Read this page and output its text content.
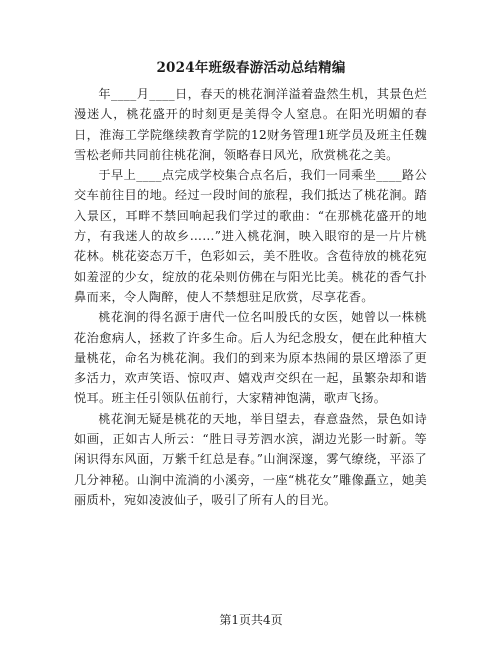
2024年班级春游活动总结精编

年____月____日，春天的桃花涧洋溢着盎然生机，其景色烂漫迷人，桃花盛开的时刻更是美得令人窒息。在阳光明媚的春日，淮海工学院继续教育学院的12财务管理1班学员及班主任魏雪松老师共同前往桃花涧，领略春日风光，欣赏桃花之美。

于早上____点完成学校集合点名后，我们一同乘坐____路公交车前往目的地。经过一段时间的旅程，我们抵达了桃花涧。踏入景区，耳畔不禁回响起我们学过的歌曲：“在那桃花盛开的地方，有我迷人的故乡……”进入桃花涧，映入眼帘的是一片片桃花林。桃花姿态万千，色彩如云，美不胜收。含苞待放的桃花宛如羞涩的少女，绽放的花朵则仿佛在与阳光比美。桃花的香气扑鼻而来，令人陶醉，使人不禁想驻足欣赏，尽享花香。

桃花涧的得名源于唐代一位名叫殷氏的女医，她曾以一株桃花治愈病人，拯救了许多生命。后人为纪念殷女，便在此种植大量桃花，命名为桃花涧。我们的到来为原本热闹的景区增添了更多活力，欢声笑语、惊叹声、嬉戏声交织在一起，虽繁杂却和谐悦耳。班主任引领队伍前行，大家精神饱满，歌声飞扬。

桃花涧无疑是桃花的天地，举目望去，春意盎然，景色如诗如画，正如古人所云：“胜日寻芳泗水滨，湖边光影一时新。等闲识得东风面，万紫千红总是春。”山涧深邃，雾气缭绕，平添了几分神秘。山涧中流淌的小溪旁，一座“桃花女”雕像矗立，她美丽质朴，宛如凌波仙子，吸引了所有人的目光。

第1页共4页
